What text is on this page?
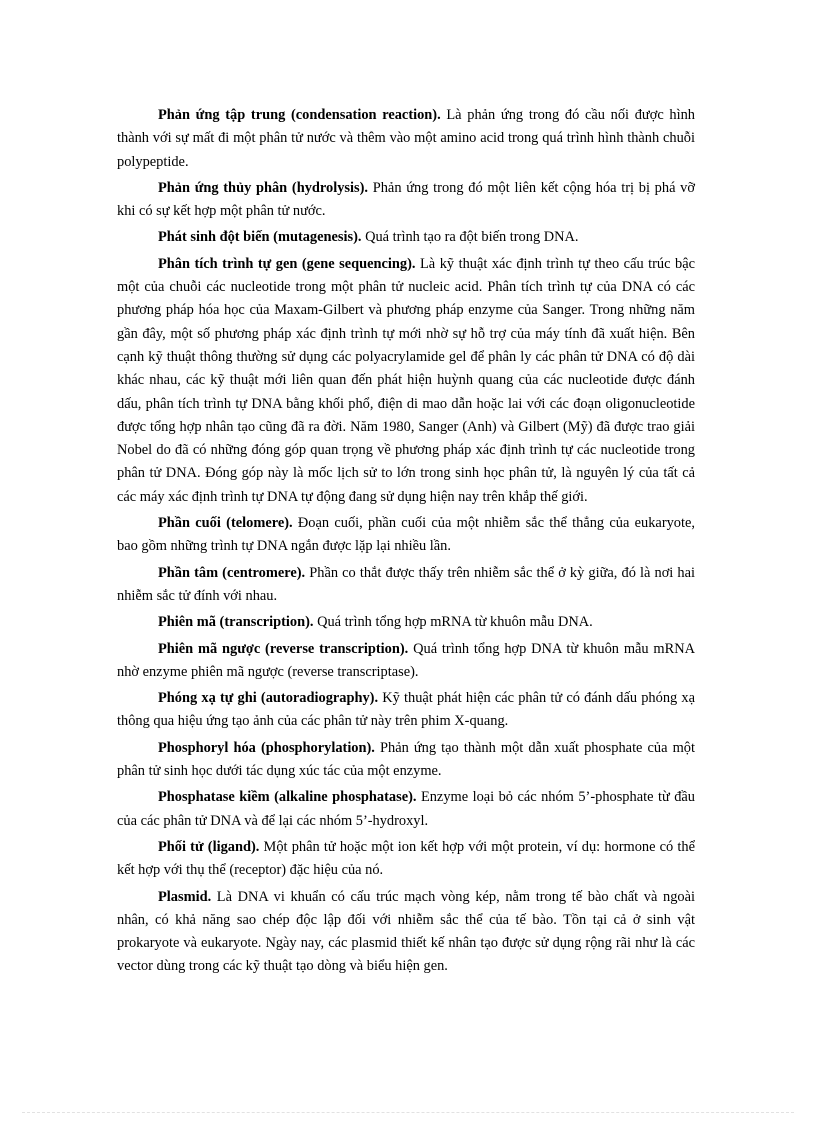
Phản ứng tập trung (condensation reaction). Là phản ứng trong đó cầu nối được hình thành với sự mất đi một phân tử nước và thêm vào một amino acid trong quá trình hình thành chuỗi polypeptide.

Phản ứng thủy phân (hydrolysis). Phản ứng trong đó một liên kết cộng hóa trị bị phá vỡ khi có sự kết hợp một phân tử nước.

Phát sinh đột biến (mutagenesis). Quá trình tạo ra đột biến trong DNA.

Phân tích trình tự gen (gene sequencing). Là kỹ thuật xác định trình tự theo cấu trúc bậc một của chuỗi các nucleotide trong một phân tử nucleic acid. Phân tích trình tự của DNA có các phương pháp hóa học của Maxam-Gilbert và phương pháp enzyme của Sanger. Trong những năm gần đây, một số phương pháp xác định trình tự mới nhờ sự hỗ trợ của máy tính đã xuất hiện. Bên cạnh kỹ thuật thông thường sử dụng các polyacrylamide gel để phân ly các phân tử DNA có độ dài khác nhau, các kỹ thuật mới liên quan đến phát hiện huỳnh quang của các nucleotide được đánh dấu, phân tích trình tự DNA bằng khối phổ, điện di mao dẫn hoặc lai với các đoạn oligonucleotide được tổng hợp nhân tạo cũng đã ra đời. Năm 1980, Sanger (Anh) và Gilbert (Mỹ) đã được trao giải Nobel do đã có những đóng góp quan trọng về phương pháp xác định trình tự các nucleotide trong phân tử DNA. Đóng góp này là mốc lịch sử to lớn trong sinh học phân tử, là nguyên lý của tất cả các máy xác định trình tự DNA tự động đang sử dụng hiện nay trên khắp thế giới.

Phần cuối (telomere). Đoạn cuối, phần cuối của một nhiễm sắc thể thẳng của eukaryote, bao gồm những trình tự DNA ngắn được lặp lại nhiều lần.

Phần tâm (centromere). Phần co thắt được thấy trên nhiễm sắc thể ở kỳ giữa, đó là nơi hai nhiễm sắc tử đính với nhau.

Phiên mã (transcription). Quá trình tổng hợp mRNA từ khuôn mẫu DNA.

Phiên mã ngược (reverse transcription). Quá trình tổng hợp DNA từ khuôn mẫu mRNA nhờ enzyme phiên mã ngược (reverse transcriptase).

Phóng xạ tự ghi (autoradiography). Kỹ thuật phát hiện các phân tử có đánh dấu phóng xạ thông qua hiệu ứng tạo ảnh của các phân tử này trên phim X-quang.

Phosphoryl hóa (phosphorylation). Phản ứng tạo thành một dẫn xuất phosphate của một phân tử sinh học dưới tác dụng xúc tác của một enzyme.

Phosphatase kiềm (alkaline phosphatase). Enzyme loại bỏ các nhóm 5’-phosphate từ đầu của các phân tử DNA và để lại các nhóm 5’-hydroxyl.

Phối tử (ligand). Một phân tử hoặc một ion kết hợp với một protein, ví dụ: hormone có thể kết hợp với thụ thể (receptor) đặc hiệu của nó.

Plasmid. Là DNA vi khuẩn có cấu trúc mạch vòng kép, nằm trong tế bào chất và ngoài nhân, có khả năng sao chép độc lập đối với nhiễm sắc thể của tế bào. Tồn tại cả ở sinh vật prokaryote và eukaryote. Ngày nay, các plasmid thiết kế nhân tạo được sử dụng rộng rãi như là các vector dùng trong các kỹ thuật tạo dòng và biểu hiện gen.
